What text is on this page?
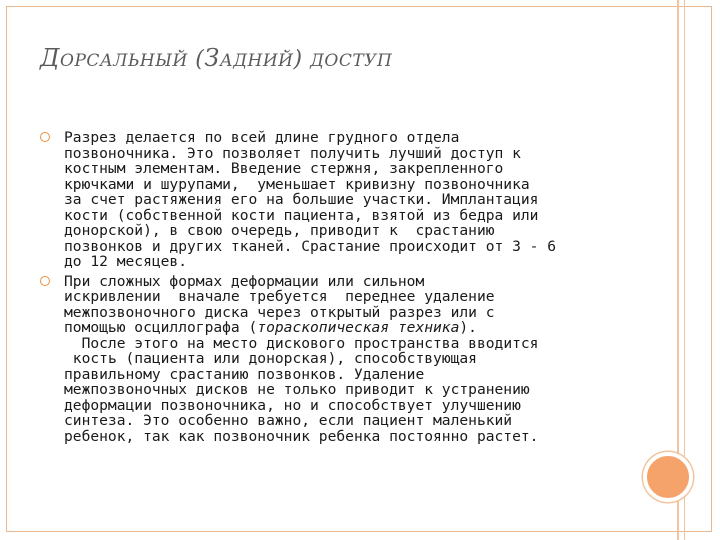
ДОРСАЛЬНЫЙ (ЗАДНИЙ) ДОСТУП

Разрез делается по всей длине грудного отдела
позвоночника. Это позволяет получить лучший доступ к
костным элементам. Введение стержня, закрепленного
крючками и шурупами,  уменьшает кривизну позвоночника
за счет растяжения его на большие участки. Имплантация
кости (собственной кости пациента, взятой из бедра или
донорской), в свою очередь, приводит к  срастанию
позвонков и других тканей. Срастание происходит от 3 - 6
до 12 месяцев.

При сложных формах деформации или сильном
искривлении  вначале требуется  переднее удаление
межпозвоночного диска через открытый разрез или с
помощью осциллографа (тораскопическая техника).
После этого на место дискового пространства вводится
кость (пациента или донорская), способствующая
правильному срастанию позвонков. Удаление
межпозвоночных дисков не только приводит к устранению
деформации позвоночника, но и способствует улучшению
синтеза. Это особенно важно, если пациент маленький
ребенок, так как позвоночник ребенка постоянно растет.
